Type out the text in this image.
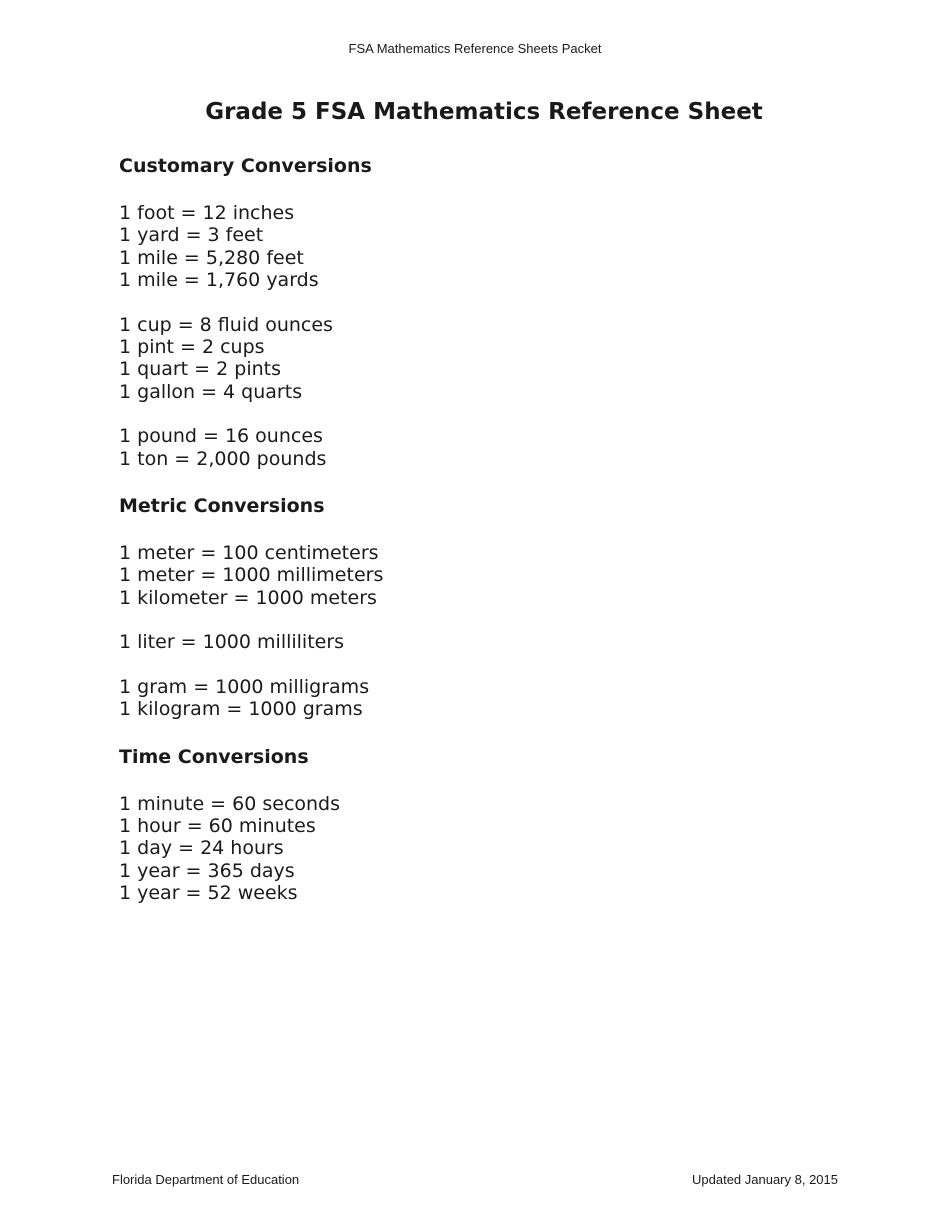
FSA Mathematics Reference Sheets Packet
Grade 5 FSA Mathematics Reference Sheet
Customary Conversions
1 foot = 12 inches
1 yard = 3 feet
1 mile = 5,280 feet
1 mile = 1,760 yards
1 cup = 8 fluid ounces
1 pint = 2 cups
1 quart = 2 pints
1 gallon = 4 quarts
1 pound = 16 ounces
1 ton = 2,000 pounds
Metric Conversions
1 meter = 100 centimeters
1 meter = 1000 millimeters
1 kilometer = 1000 meters
1 liter = 1000 milliliters
1 gram = 1000 milligrams
1 kilogram = 1000 grams
Time Conversions
1 minute = 60 seconds
1 hour = 60 minutes
1 day = 24 hours
1 year = 365 days
1 year = 52 weeks
Florida Department of Education	Updated January 8, 2015
